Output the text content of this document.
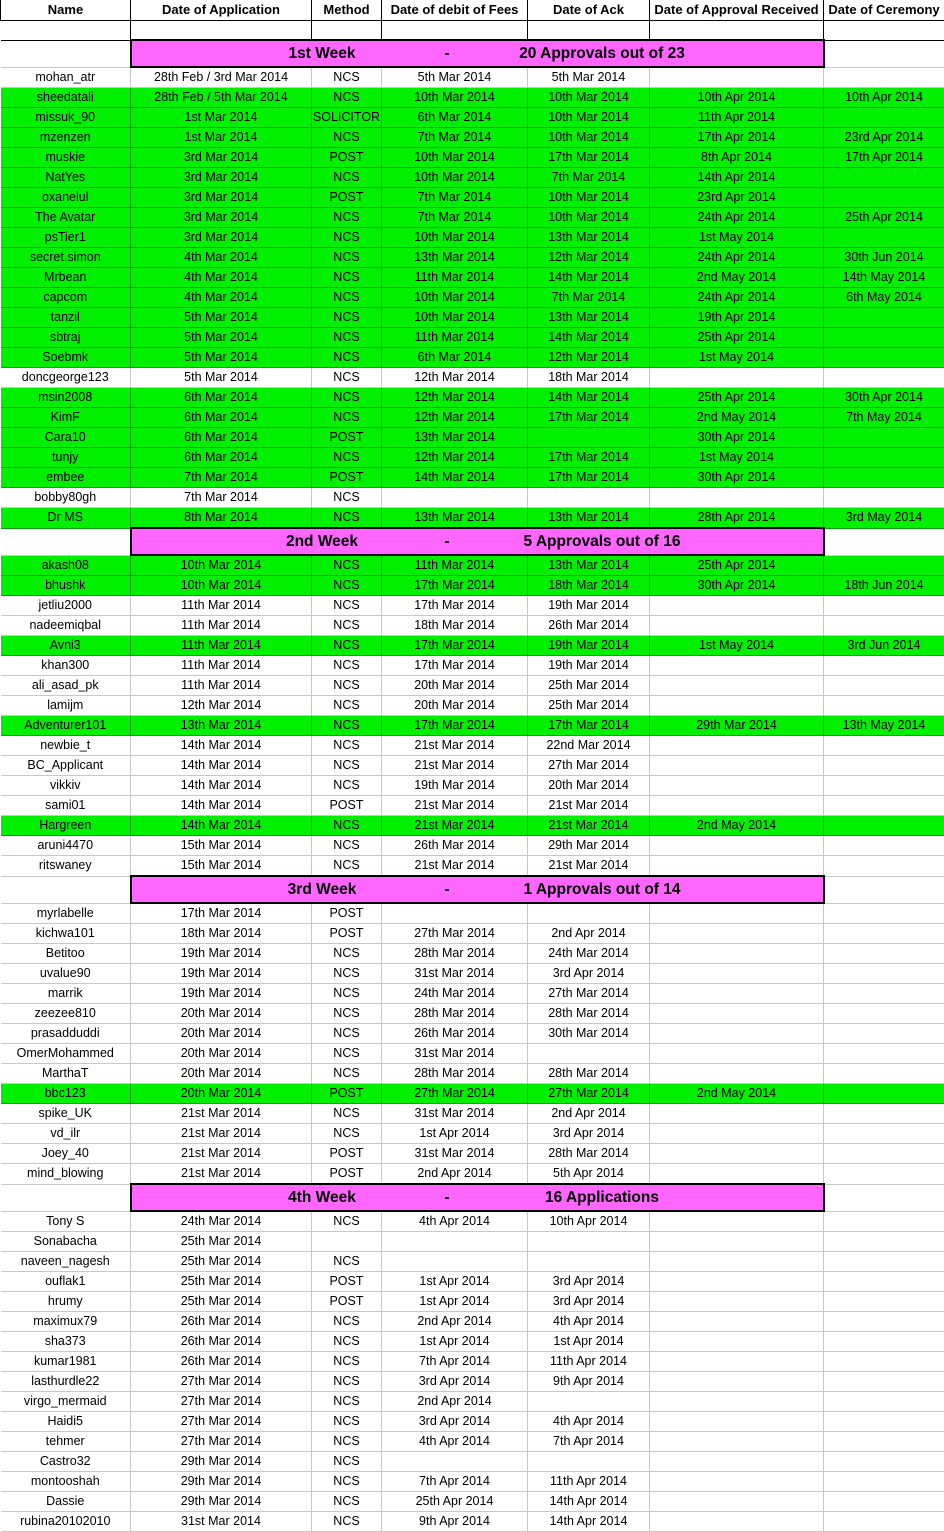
Name	Date of Application	Method	Date of debit of Fees	Date of Ack	Date of Approval Received	Date of Ceremony

	1st Week - 20 Approvals out of 23					
mohan_atr	28th Feb / 3rd Mar 2014	NCS	5th Mar 2014	5th Mar 2014		
sheedatali	28th Feb / 5th Mar 2014	NCS	10th Mar 2014	10th Mar 2014	10th Apr 2014	10th Apr 2014
missuk_90	1st Mar 2014	SOLICITOR	6th Mar 2014	10th Mar 2014	11th Apr 2014	
mzenzen	1st Mar 2014	NCS	7th Mar 2014	10th Mar 2014	17th Apr 2014	23rd Apr 2014
muskie	3rd Mar 2014	POST	10th Mar 2014	17th Mar 2014	8th Apr 2014	17th Apr 2014
NatYes	3rd Mar 2014	NCS	10th Mar 2014	7th Mar 2014	14th Apr 2014	
oxanelul	3rd Mar 2014	POST	7th Mar 2014	10th Mar 2014	23rd Apr 2014	
The Avatar	3rd Mar 2014	NCS	7th Mar 2014	10th Mar 2014	24th Apr 2014	25th Apr 2014
psTier1	3rd Mar 2014	NCS	10th Mar 2014	13th Mar 2014	1st May 2014	
secret.simon	4th Mar 2014	NCS	13th Mar 2014	12th Mar 2014	24th Apr 2014	30th Jun 2014
Mrbean	4th Mar 2014	NCS	11th Mar 2014	14th Mar 2014	2nd May 2014	14th May 2014
capcom	4th Mar 2014	NCS	10th Mar 2014	7th Mar 2014	24th Apr 2014	6th May 2014
tanzil	5th Mar 2014	NCS	10th Mar 2014	13th Mar 2014	19th Apr 2014	
sbtraj	5th Mar 2014	NCS	11th Mar 2014	14th Mar 2014	25th Apr 2014	
Soebmk	5th Mar 2014	NCS	6th Mar 2014	12th Mar 2014	1st May 2014	
doncgeorge123	5th Mar 2014	NCS	12th Mar 2014	18th Mar 2014		
msin2008	6th Mar 2014	NCS	12th Mar 2014	14th Mar 2014	25th Apr 2014	30th Apr 2014
KimF	6th Mar 2014	NCS	12th Mar 2014	17th Mar 2014	2nd May 2014	7th May 2014
Cara10	6th Mar 2014	POST	13th Mar 2014		30th Apr 2014	
tunjy	6th Mar 2014	NCS	12th Mar 2014	17th Mar 2014	1st May 2014	
embee	7th Mar 2014	POST	14th Mar 2014	17th Mar 2014	30th Apr 2014	
bobby80gh	7th Mar 2014	NCS				
Dr MS	8th Mar 2014	NCS	13th Mar 2014	13th Mar 2014	28th Apr 2014	3rd May 2014
	2nd Week - 5 Approvals out of 16					
akash08	10th Mar 2014	NCS	11th Mar 2014	13th Mar 2014	25th Apr 2014	
bhushk	10th Mar 2014	NCS	17th Mar 2014	18th Mar 2014	30th Apr 2014	18th Jun 2014
jetliu2000	11th Mar 2014	NCS	17th Mar 2014	19th Mar 2014		
nadeemiqbal	11th Mar 2014	NCS	18th Mar 2014	26th Mar 2014		
Avni3	11th Mar 2014	NCS	17th Mar 2014	19th Mar 2014	1st May 2014	3rd Jun 2014
khan300	11th Mar 2014	NCS	17th Mar 2014	19th Mar 2014		
ali_asad_pk	11th Mar 2014	NCS	20th Mar 2014	25th Mar 2014		
lamijm	12th Mar 2014	NCS	20th Mar 2014	25th Mar 2014		
Adventurer101	13th Mar 2014	NCS	17th Mar 2014	17th Mar 2014	29th Mar 2014	13th May 2014
newbie_t	14th Mar 2014	NCS	21st Mar 2014	22nd Mar 2014		
BC_Applicant	14th Mar 2014	NCS	21st Mar 2014	27th Mar 2014		
vikkiv	14th Mar 2014	NCS	19th Mar 2014	20th Mar 2014		
sami01	14th Mar 2014	POST	21st Mar 2014	21st Mar 2014		
Hargreen	14th Mar 2014	NCS	21st Mar 2014	21st Mar 2014	2nd May 2014	
aruni4470	15th Mar 2014	NCS	26th Mar 2014	29th Mar 2014		
ritswaney	15th Mar 2014	NCS	21st Mar 2014	21st Mar 2014		
	3rd Week - 1 Approvals out of 14					
myrlabelle	17th Mar 2014	POST				
kichwa101	18th Mar 2014	POST	27th Mar 2014	2nd Apr 2014		
Betitoo	19th Mar 2014	NCS	28th Mar 2014	24th Mar 2014		
uvalue90	19th Mar 2014	NCS	31st Mar 2014	3rd Apr 2014		
marrik	19th Mar 2014	NCS	24th Mar 2014	27th Mar 2014		
zeezee810	20th Mar 2014	NCS	28th Mar 2014	28th Mar 2014		
prasadduddi	20th Mar 2014	NCS	26th Mar 2014	30th Mar 2014		
OmerMohammed	20th Mar 2014	NCS	31st Mar 2014			
MarthaT	20th Mar 2014	NCS	28th Mar 2014	28th Mar 2014		
bbc123	20th Mar 2014	POST	27th Mar 2014	27th Mar 2014	2nd May 2014	
spike_UK	21st Mar 2014	NCS	31st Mar 2014	2nd Apr 2014		
vd_ilr	21st Mar 2014	NCS	1st Apr 2014	3rd Apr 2014		
Joey_40	21st Mar 2014	POST	31st Mar 2014	28th Mar 2014		
mind_blowing	21st Mar 2014	POST	2nd Apr 2014	5th Apr 2014		
	4th Week - 16 Applications					
Tony S	24th Mar 2014	NCS	4th Apr 2014	10th Apr 2014		
Sonabacha	25th Mar 2014					
naveen_nagesh	25th Mar 2014	NCS				
ouflak1	25th Mar 2014	POST	1st Apr 2014	3rd Apr 2014		
hrumy	25th Mar 2014	POST	1st Apr 2014	3rd Apr 2014		
maximux79	26th Mar 2014	NCS	2nd Apr 2014	4th Apr 2014		
sha373	26th Mar 2014	NCS	1st Apr 2014	1st Apr 2014		
kumar1981	26th Mar 2014	NCS	7th Apr 2014	11th Apr 2014		
lasthurdle22	27th Mar 2014	NCS	3rd Apr 2014	9th Apr 2014		
virgo_mermaid	27th Mar 2014	NCS	2nd Apr 2014			
Haidi5	27th Mar 2014	NCS	3rd Apr 2014	4th Apr 2014		
tehmer	27th Mar 2014	NCS	4th Apr 2014	7th Apr 2014		
Castro32	29th Mar 2014	NCS				
montooshah	29th Mar 2014	NCS	7th Apr 2014	11th Apr 2014		
Dassie	29th Mar 2014	NCS	25th Apr 2014	14th Apr 2014		
rubina20102010	31st Mar 2014	NCS	9th Apr 2014	14th Apr 2014		
